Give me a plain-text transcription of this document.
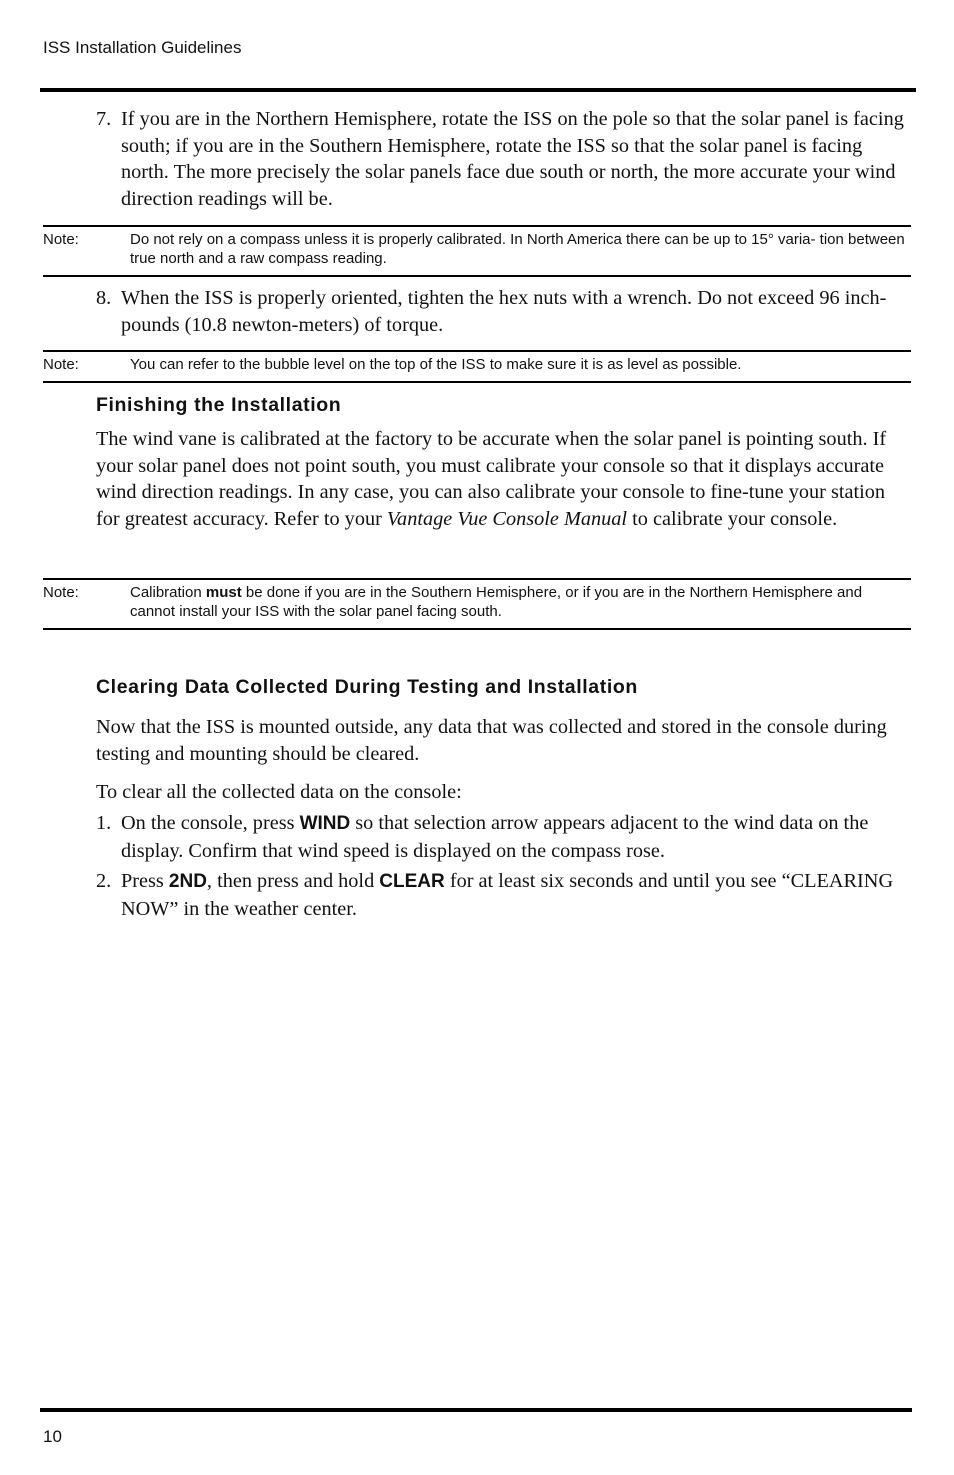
ISS Installation Guidelines
7. If you are in the Northern Hemisphere, rotate the ISS on the pole so that the solar panel is facing south; if you are in the Southern Hemisphere, rotate the ISS so that the solar panel is facing north. The more precisely the solar panels face due south or north, the more accurate your wind direction readings will be.
Note:	Do not rely on a compass unless it is properly calibrated. In North America there can be up to 15° varia- tion between true north and a raw compass reading.
8. When the ISS is properly oriented, tighten the hex nuts with a wrench. Do not exceed 96 inch-pounds (10.8 newton-meters) of torque.
Note:	You can refer to the bubble level on the top of the ISS to make sure it is as level as possible.
Finishing the Installation
The wind vane is calibrated at the factory to be accurate when the solar panel is pointing south. If your solar panel does not point south, you must calibrate your console so that it displays accurate wind direction readings. In any case, you can also calibrate your console to fine-tune your station for greatest accuracy. Refer to your Vantage Vue Console Manual to calibrate your console.
Note:	Calibration must be done if you are in the Southern Hemisphere, or if you are in the Northern Hemisphere and cannot install your ISS with the solar panel facing south.
Clearing Data Collected During Testing and Installation
Now that the ISS is mounted outside, any data that was collected and stored in the console during testing and mounting should be cleared.
To clear all the collected data on the console:
1. On the console, press WIND so that selection arrow appears adjacent to the wind data on the display. Confirm that wind speed is displayed on the compass rose.
2. Press 2ND, then press and hold CLEAR for at least six seconds and until you see “CLEARING NOW” in the weather center.
10
